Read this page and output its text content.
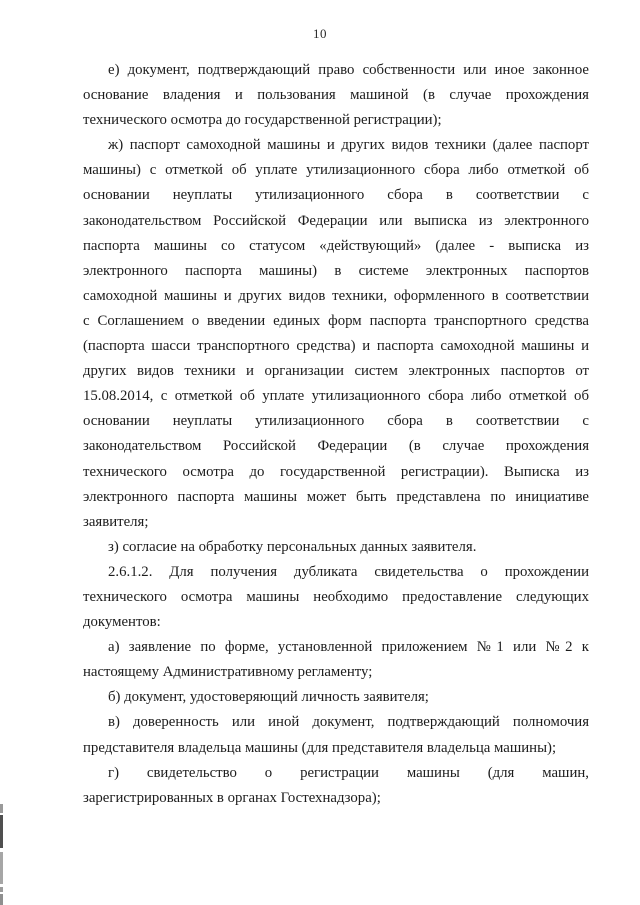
10
е) документ, подтверждающий право собственности или иное законное
основание владения и пользования машиной (в случае прохождения
технического осмотра до государственной регистрации);
ж) паспорт самоходной машины и других видов техники (далее паспорт
машины) с отметкой об уплате утилизационного сбора либо отметкой об
основании неуплаты утилизационного сбора в соответствии с
законодательством Российской Федерации или выписка из электронного
паспорта машины со статусом «действующий» (далее - выписка из
электронного паспорта машины) в системе электронных паспортов
самоходной машины и других видов техники, оформленного в соответствии
с Соглашением о введении единых форм паспорта транспортного средства
(паспорта шасси транспортного средства) и паспорта самоходной машины и
других видов техники и организации систем электронных паспортов от
15.08.2014, с отметкой об уплате утилизационного сбора либо отметкой об
основании неуплаты утилизационного сбора в соответствии с
законодательством Российской Федерации (в случае прохождения
технического осмотра до государственной регистрации). Выписка из
электронного паспорта машины может быть представлена по инициативе
заявителя;
з) согласие на обработку персональных данных заявителя.
2.6.1.2. Для получения дубликата свидетельства о прохождении
технического осмотра машины необходимо предоставление следующих
документов:
а) заявление по форме, установленной приложением №1 или №2 к
настоящему Административному регламенту;
б) документ, удостоверяющий личность заявителя;
в) доверенность или иной документ, подтверждающий полномочия
представителя владельца машины (для представителя владельца машины);
г) свидетельство о регистрации машины (для машин,
зарегистрированных в органах Гостехнадзора);
